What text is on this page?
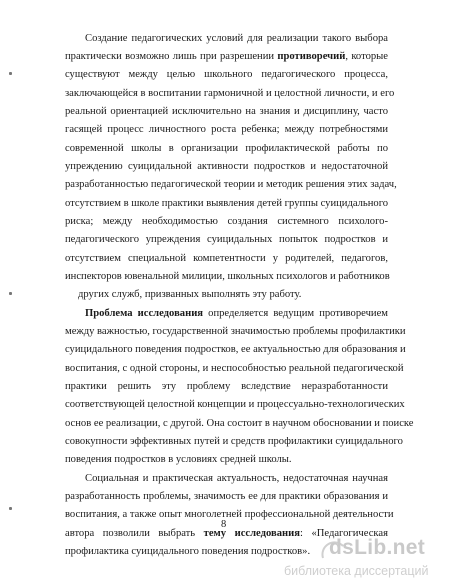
Создание педагогических условий для реализации такого выбора
практически возможно лишь при разрешении противоречий, которые
существуют между целью школьного педагогического процесса,
заключающейся в воспитании гармоничной и целостной личности, и его
реальной ориентацией исключительно на знания и дисциплину, часто
гасящей процесс личностного роста ребенка; между потребностями
современной школы в организации профилактической работы по
упреждению суицидальной активности подростков и недостаточной
разработанностью педагогической теории и методик решения этих задач,
отсутствием в школе практики выявления детей группы суицидального
риска; между необходимостью создания системного психолого-
педагогического упреждения суицидальных попыток подростков и
отсутствием специальной компетентности у родителей, педагогов,
инспекторов ювенальной милиции, школьных психологов и работников
других служб, призванных выполнять эту работу.
Проблема исследования определяется ведущим противоречием
между важностью, государственной значимостью проблемы профилактики
суицидального поведения подростков, ее актуальностью для образования и
воспитания, с одной стороны, и неспособностью реальной педагогической
практики решить эту проблему вследствие неразработанности
соответствующей целостной концепции и процессуально-технологических
основ ее реализации, с другой. Она состоит в научном обосновании и поиске
совокупности эффективных путей и средств профилактики суицидального
поведения подростков в условиях средней школы.
Социальная и практическая актуальность, недостаточная научная
разработанность проблемы, значимость ее для практики образования и
воспитания, а также опыт многолетней профессиональной деятельности
автора позволили выбрать тему исследования: «Педагогическая
профилактика суицидального поведения подростков».
8
dsLib.net
библиотека диссертаций
